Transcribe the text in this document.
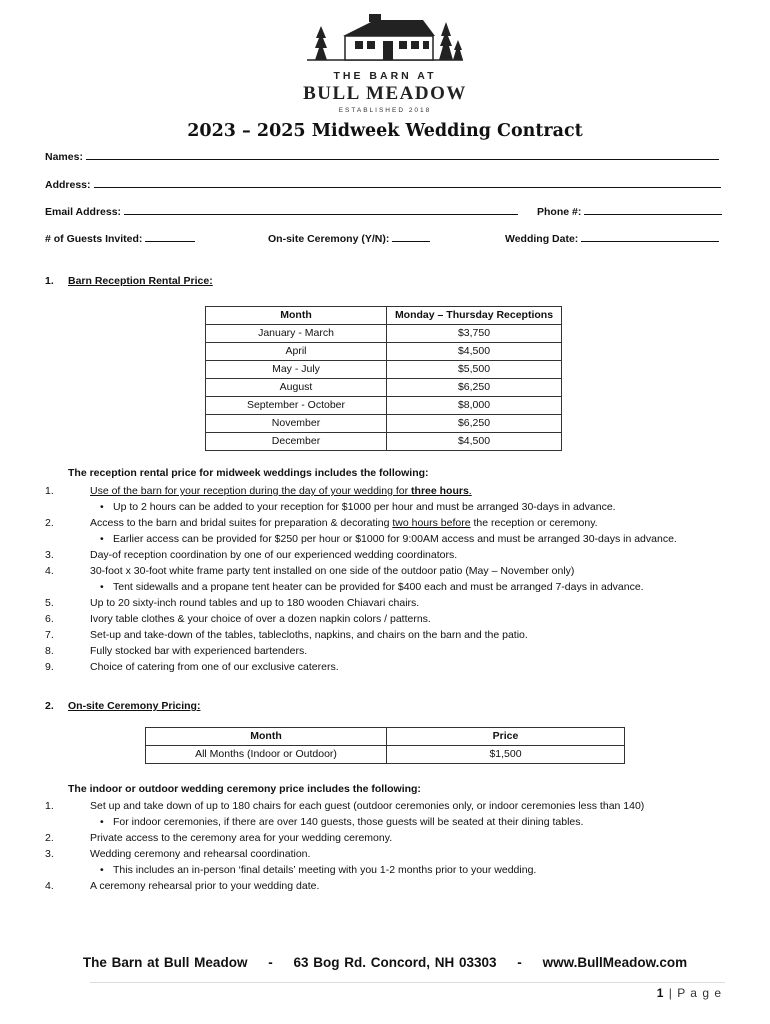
THE BARN AT
BULL MEADOW
ESTABLISHED 2018
2023 – 2025 Midweek Wedding Contract
Names:
Address:
Email Address:	Phone #:
# of Guests Invited:	On-site Ceremony (Y/N):	Wedding Date:
1. Barn Reception Rental Price:
Month	Monday – Thursday Receptions
January - March	$3,750
April	$4,500
May - July	$5,500
August	$6,250
September - October	$8,000
November	$6,250
December	$4,500
The reception rental price for midweek weddings includes the following:
1.	Use of the barn for your reception during the day of your wedding for three hours.
• Up to 2 hours can be added to your reception for $1000 per hour and must be arranged 30-days in advance.
2.	Access to the barn and bridal suites for preparation & decorating two hours before the reception or ceremony.
• Earlier access can be provided for $250 per hour or $1000 for 9:00AM access and must be arranged 30-days in advance.
3.	Day-of reception coordination by one of our experienced wedding coordinators.
4.	30-foot x 30-foot white frame party tent installed on one side of the outdoor patio (May – November only)
• Tent sidewalls and a propane tent heater can be provided for $400 each and must be arranged 7-days in advance.
5.	Up to 20 sixty-inch round tables and up to 180 wooden Chiavari chairs.
6.	Ivory table clothes & your choice of over a dozen napkin colors / patterns.
7.	Set-up and take-down of the tables, tablecloths, napkins, and chairs on the barn and the patio.
8.	Fully stocked bar with experienced bartenders.
9.	Choice of catering from one of our exclusive caterers.
2. On-site Ceremony Pricing:
Month	Price
All Months (Indoor or Outdoor)	$1,500
The indoor or outdoor wedding ceremony price includes the following:
1.	Set up and take down of up to 180 chairs for each guest (outdoor ceremonies only, or indoor ceremonies less than 140)
• For indoor ceremonies, if there are over 140 guests, those guests will be seated at their dining tables.
2.	Private access to the ceremony area for your wedding ceremony.
3.	Wedding ceremony and rehearsal coordination.
• This includes an in-person ‘final details’ meeting with you 1-2 months prior to your wedding.
4.	A ceremony rehearsal prior to your wedding date.
The Barn at Bull Meadow - 63 Bog Rd. Concord, NH 03303 - www.BullMeadow.com
1 | P a g e
